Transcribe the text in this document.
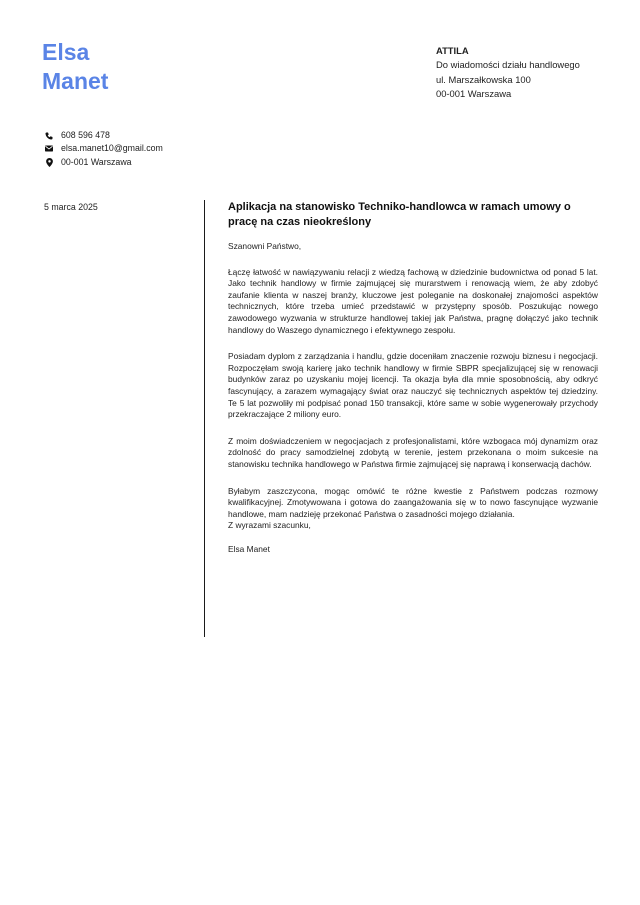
Elsa
Manet
ATTILA
Do wiadomości działu handlowego
ul. Marszałkowska 100
00-001 Warszawa
608 596 478
elsa.manet10@gmail.com
00-001 Warszawa
5 marca 2025	Aplikacja na stanowisko Techniko-handlowca w ramach umowy o pracę na czas nieokreślony
Szanowni Państwo,
Łączę łatwość w nawiązywaniu relacji z wiedzą fachową w dziedzinie budownictwa od ponad 5 lat. Jako technik handlowy w firmie zajmującej się murarstwem i renowacją wiem, że aby zdobyć zaufanie klienta w naszej branży, kluczowe jest poleganie na doskonałej znajomości aspektów technicznych, które trzeba umieć przedstawić w przystępny sposób. Poszukując nowego zawodowego wyzwania w strukturze handlowej takiej jak Państwa, pragnę dołączyć jako technik handlowy do Waszego dynamicznego i efektywnego zespołu.
Posiadam dyplom z zarządzania i handlu, gdzie doceniłam znaczenie rozwoju biznesu i negocjacji. Rozpoczęłam swoją karierę jako technik handlowy w firmie SBPR specjalizującej się w renowacji budynków zaraz po uzyskaniu mojej licencji. Ta okazja była dla mnie sposobnością, aby odkryć fascynujący, a zarazem wymagający świat oraz nauczyć się technicznych aspektów tej dziedziny. Te 5 lat pozwoliły mi podpisać ponad 150 transakcji, które same w sobie wygenerowały przychody przekraczające 2 miliony euro.
Z moim doświadczeniem w negocjacjach z profesjonalistami, które wzbogaca mój dynamizm oraz zdolność do pracy samodzielnej zdobytą w terenie, jestem przekonana o moim sukcesie na stanowisku technika handlowego w Państwa firmie zajmującej się naprawą i konserwacją dachów.
Byłabym zaszczycona, mogąc omówić te różne kwestie z Państwem podczas rozmowy kwalifikacyjnej. Zmotywowana i gotowa do zaangażowania się w to nowo fascynujące wyzwanie handlowe, mam nadzieję przekonać Państwa o zasadności mojego działania.
Z wyrazami szacunku,
Elsa Manet
